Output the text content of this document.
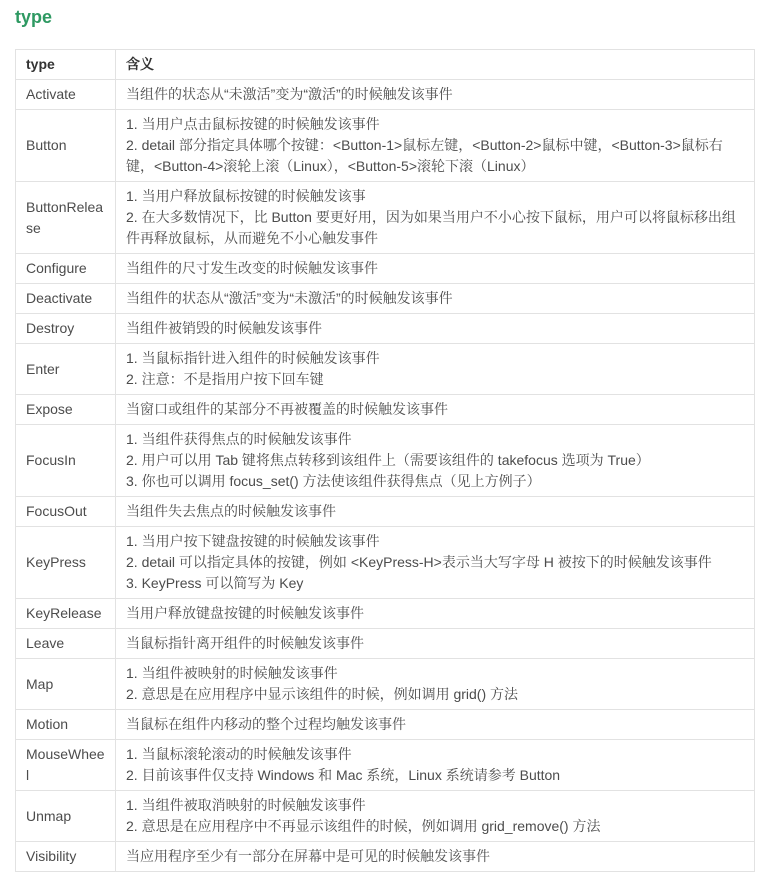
type
type	含义
Activate	当组件的状态从“未激活”变为“激活”的时候触发该事件

Button	1. 当用户点击鼠标按键的时候触发该事件
2. detail 部分指定具体哪个按键：<Button-1>鼠标左键，<Button-2>鼠标中键，<Button-3>鼠标右键，<Button-4>滚轮上滚（Linux），<Button-5>滚轮下滚（Linux）

ButtonRelease	1. 当用户释放鼠标按键的时候触发该事
2. 在大多数情况下，比 Button 要更好用，因为如果当用户不小心按下鼠标，用户可以将鼠标移出组件再释放鼠标，从而避免不小心触发事件

Configure	当组件的尺寸发生改变的时候触发该事件

Deactivate	当组件的状态从“激活”变为“未激活”的时候触发该事件

Destroy	当组件被销毁的时候触发该事件

Enter	1. 当鼠标指针进入组件的时候触发该事件
2. 注意：不是指用户按下回车键

Expose	当窗口或组件的某部分不再被覆盖的时候触发该事件

FocusIn	1. 当组件获得焦点的时候触发该事件
2. 用户可以用 Tab 键将焦点转移到该组件上（需要该组件的 takefocus 选项为 True）
3. 你也可以调用 focus_set() 方法使该组件获得焦点（见上方例子）

FocusOut	当组件失去焦点的时候触发该事件

KeyPress	1. 当用户按下键盘按键的时候触发该事件
2. detail 可以指定具体的按键，例如 <KeyPress-H>表示当大写字母 H 被按下的时候触发该事件
3. KeyPress 可以简写为 Key

KeyRelease	当用户释放键盘按键的时候触发该事件

Leave	当鼠标指针离开组件的时候触发该事件

Map	1. 当组件被映射的时候触发该事件
2. 意思是在应用程序中显示该组件的时候，例如调用 grid() 方法

Motion	当鼠标在组件内移动的整个过程均触发该事件

MouseWheel	1. 当鼠标滚轮滚动的时候触发该事件
2. 目前该事件仅支持 Windows 和 Mac 系统，Linux 系统请参考 Button

Unmap	1. 当组件被取消映射的时候触发该事件
2. 意思是在应用程序中不再显示该组件的时候，例如调用 grid_remove() 方法

Visibility	当应用程序至少有一部分在屏幕中是可见的时候触发该事件
